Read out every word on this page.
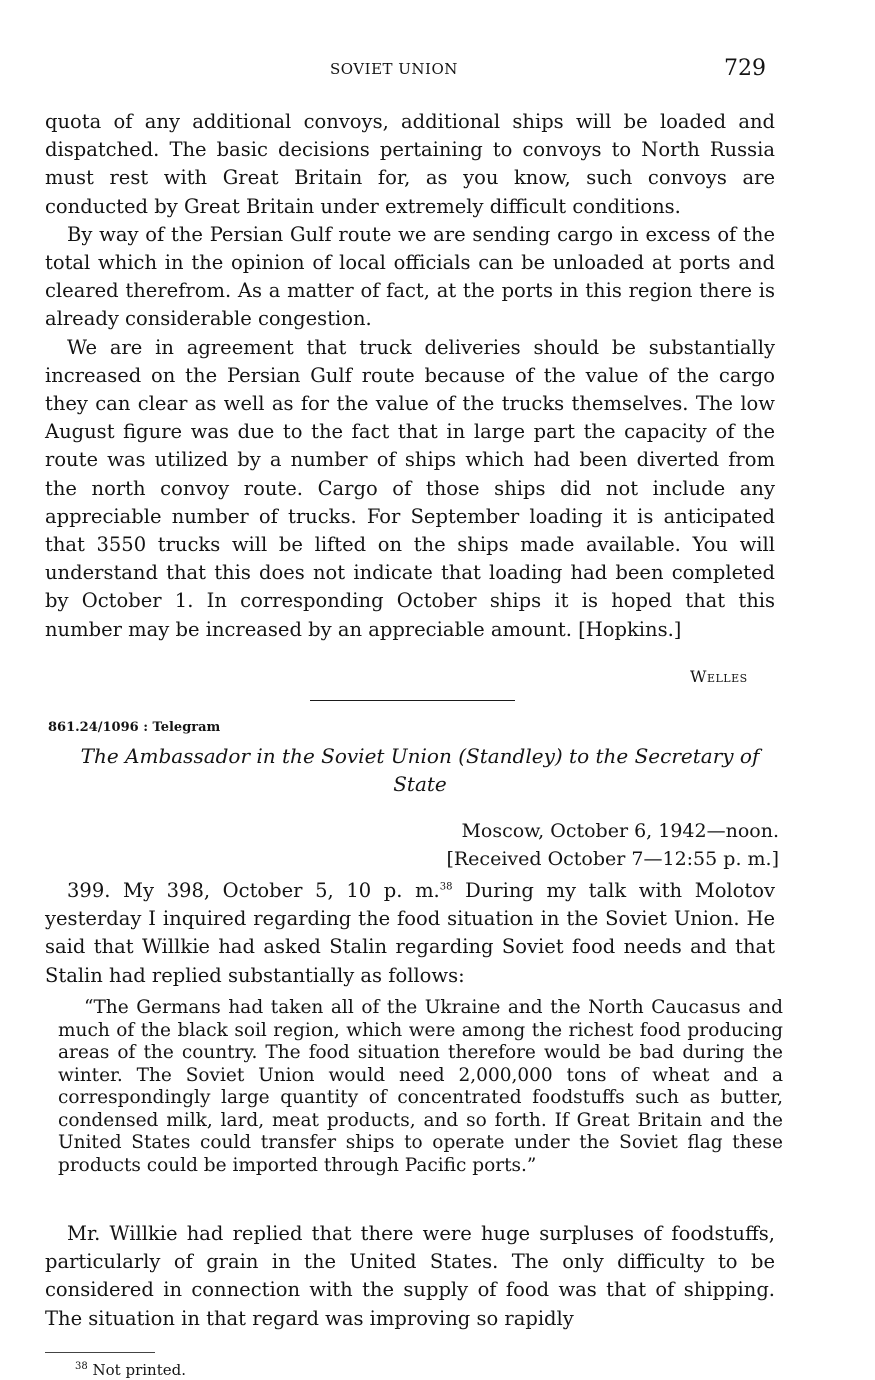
SOVIET UNION	729

quota of any additional convoys, additional ships will be loaded and dispatched. The basic decisions pertaining to convoys to North Russia must rest with Great Britain for, as you know, such convoys are conducted by Great Britain under extremely difficult conditions.

By way of the Persian Gulf route we are sending cargo in excess of the total which in the opinion of local officials can be unloaded at ports and cleared therefrom. As a matter of fact, at the ports in this region there is already considerable congestion.

We are in agreement that truck deliveries should be substantially increased on the Persian Gulf route because of the value of the cargo they can clear as well as for the value of the trucks themselves. The low August figure was due to the fact that in large part the capacity of the route was utilized by a number of ships which had been diverted from the north convoy route. Cargo of those ships did not include any appreciable number of trucks. For September loading it is anticipated that 3550 trucks will be lifted on the ships made available. You will understand that this does not indicate that loading had been completed by October 1. In corresponding October ships it is hoped that this number may be increased by an appreciable amount. [Hopkins.]

Welles
861.24/1096 : Telegram
The Ambassador in the Soviet Union (Standley) to the Secretary of State
Moscow, October 6, 1942—noon.
[Received October 7—12:55 p. m.]

399. My 398, October 5, 10 p. m.$^{38}$ During my talk with Molotov yesterday I inquired regarding the food situation in the Soviet Union. He said that Willkie had asked Stalin regarding Soviet food needs and that Stalin had replied substantially as follows:

“The Germans had taken all of the Ukraine and the North Caucasus and much of the black soil region, which were among the richest food producing areas of the country. The food situation therefore would be bad during the winter. The Soviet Union would need 2,000,000 tons of wheat and a correspondingly large quantity of concentrated foodstuffs such as butter, condensed milk, lard, meat products, and so forth. If Great Britain and the United States could transfer ships to operate under the Soviet flag these products could be imported through Pacific ports.”

Mr. Willkie had replied that there were huge surpluses of foodstuffs, particularly of grain in the United States. The only difficulty to be considered in connection with the supply of food was that of shipping. The situation in that regard was improving so rapidly

$^{38}$ Not printed.
